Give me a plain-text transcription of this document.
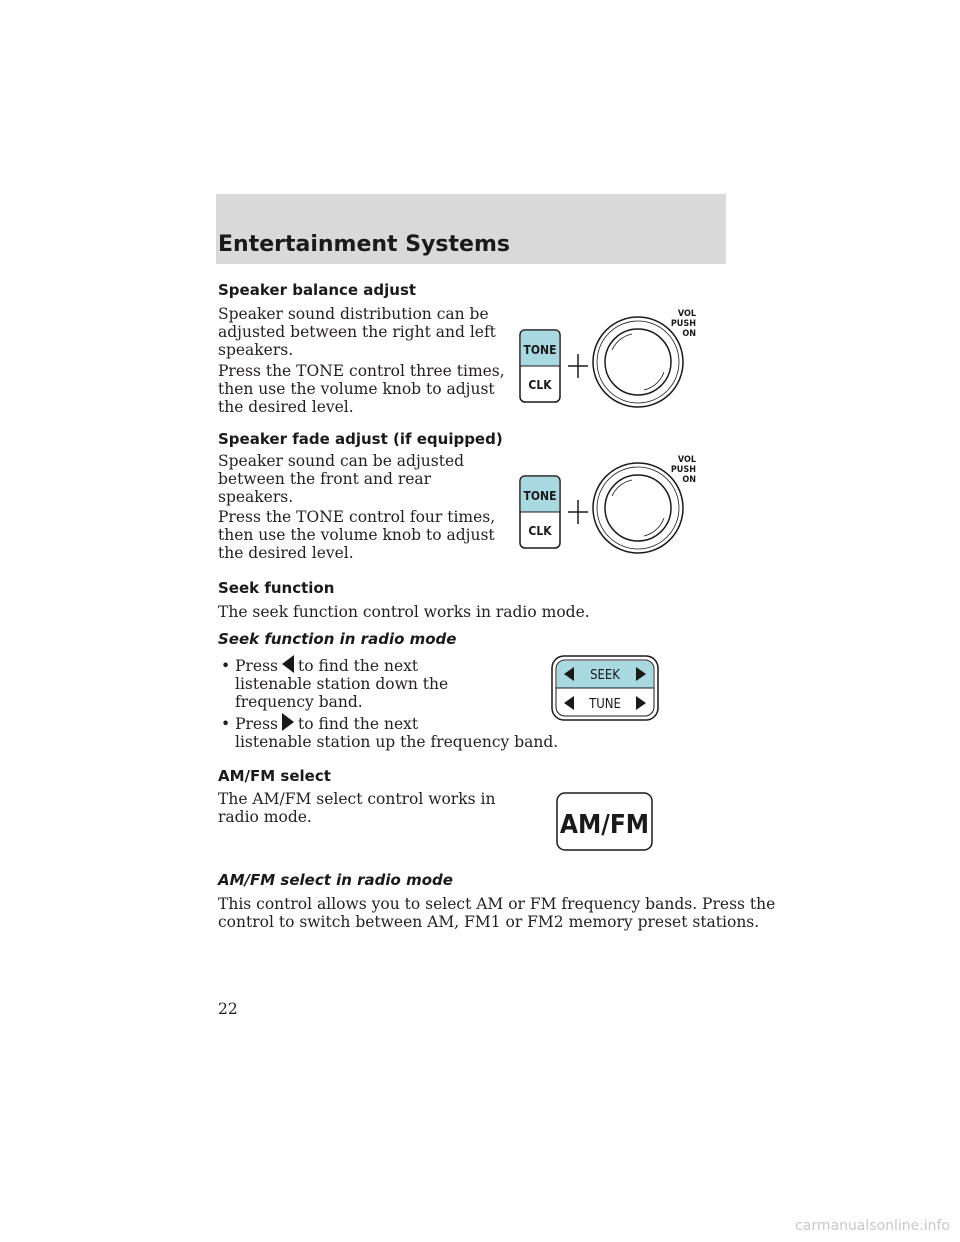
Entertainment Systems
Speaker balance adjust
Speaker sound distribution can be
adjusted between the right and left
speakers.
Press the TONE control three times,
then use the volume knob to adjust
the desired level.
TONE
CLK
VOL
PUSH
ON
Speaker fade adjust (if equipped)
Speaker sound can be adjusted
between the front and rear
speakers.
Press the TONE control four times,
then use the volume knob to adjust
the desired level.
TONE
CLK
VOL
PUSH
ON
Seek function
The seek function control works in radio mode.
Seek function in radio mode
• Press to find the next
listenable station down the
frequency band.
• Press to find the next
listenable station up the frequency band.
SEEK
TUNE
AM/FM select
The AM/FM select control works in
radio mode.	AM/FM
AM/FM select in radio mode
This control allows you to select AM or FM frequency bands. Press the
control to switch between AM, FM1 or FM2 memory preset stations.
22
carmanualsonline.info
